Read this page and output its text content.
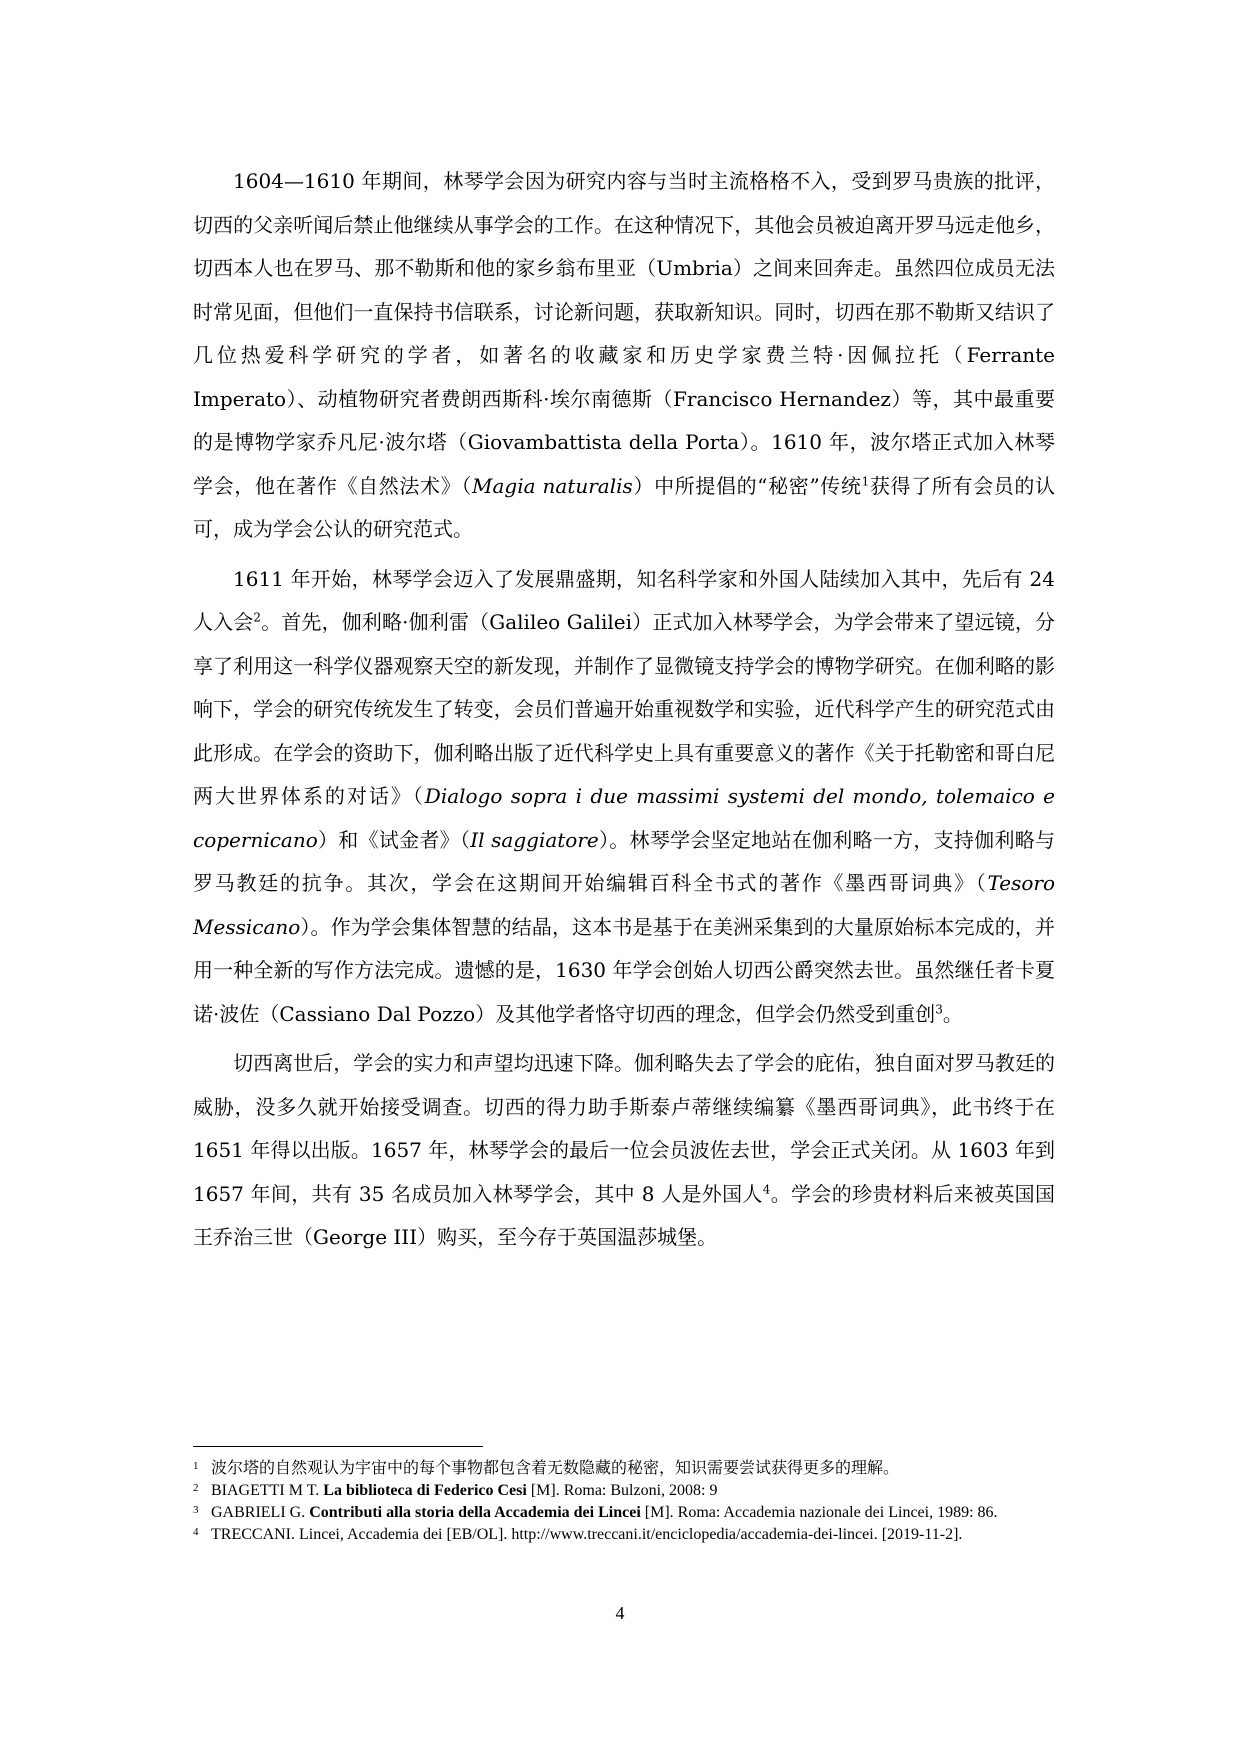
1604—1610 年期间，林琴学会因为研究内容与当时主流格格不入，受到罗马贵族的批评，切西的父亲听闻后禁止他继续从事学会的工作。在这种情况下，其他会员被迫离开罗马远走他乡，切西本人也在罗马、那不勒斯和他的家乡翁布里亚（Umbria）之间来回奔走。虽然四位成员无法时常见面，但他们一直保持书信联系，讨论新问题，获取新知识。同时，切西在那不勒斯又结识了几位热爱科学研究的学者，如著名的收藏家和历史学家费兰特·因佩拉托（Ferrante Imperato）、动植物研究者费朗西斯科·埃尔南德斯（Francisco Hernandez）等，其中最重要的是博物学家乔凡尼·波尔塔（Giovambattista della Porta）。1610 年，波尔塔正式加入林琴学会，他在著作《自然法术》（Magia naturalis）中所提倡的“秘密”传统$^1$获得了所有会员的认可，成为学会公认的研究范式。

1611 年开始，林琴学会迈入了发展鼎盛期，知名科学家和外国人陆续加入其中，先后有 24 人入会$^2$。首先，伽利略·伽利雷（Galileo Galilei）正式加入林琴学会，为学会带来了望远镜，分享了利用这一科学仪器观察天空的新发现，并制作了显微镜支持学会的博物学研究。在伽利略的影响下，学会的研究传统发生了转变，会员们普遍开始重视数学和实验，近代科学产生的研究范式由此形成。在学会的资助下，伽利略出版了近代科学史上具有重要意义的著作《关于托勒密和哥白尼两大世界体系的对话》（Dialogo sopra i due massimi systemi del mondo, tolemaico e copernicano）和《试金者》（Il saggiatore）。林琴学会坚定地站在伽利略一方，支持伽利略与罗马教廷的抗争。其次，学会在这期间开始编辑百科全书式的著作《墨西哥词典》（Tesoro Messicano）。作为学会集体智慧的结晶，这本书是基于在美洲采集到的大量原始标本完成的，并用一种全新的写作方法完成。遗憾的是，1630 年学会创始人切西公爵突然去世。虽然继任者卡夏诺·波佐（Cassiano Dal Pozzo）及其他学者恪守切西的理念，但学会仍然受到重创$^3$。

切西离世后，学会的实力和声望均迅速下降。伽利略失去了学会的庇佑，独自面对罗马教廷的威胁，没多久就开始接受调查。切西的得力助手斯泰卢蒂继续编纂《墨西哥词典》，此书终于在 1651 年得以出版。1657 年，林琴学会的最后一位会员波佐去世，学会正式关闭。从 1603 年到 1657 年间，共有 35 名成员加入林琴学会，其中 8 人是外国人$^4$。学会的珍贵材料后来被英国国王乔治三世（George III）购买，至今存于英国温莎城堡。

1 波尔塔的自然观认为宇宙中的每个事物都包含着无数隐藏的秘密，知识需要尝试获得更多的理解。

2 BIAGETTI M T. La biblioteca di Federico Cesi [M]. Roma: Bulzoni, 2008: 9

3 GABRIELI G. Contributi alla storia della Accademia dei Lincei [M]. Roma: Accademia nazionale dei Lincei, 1989: 86.

4 TRECCANI. Lincei, Accademia dei [EB/OL]. http://www.treccani.it/enciclopedia/accademia-dei-lincei. [2019-11-2].

4
